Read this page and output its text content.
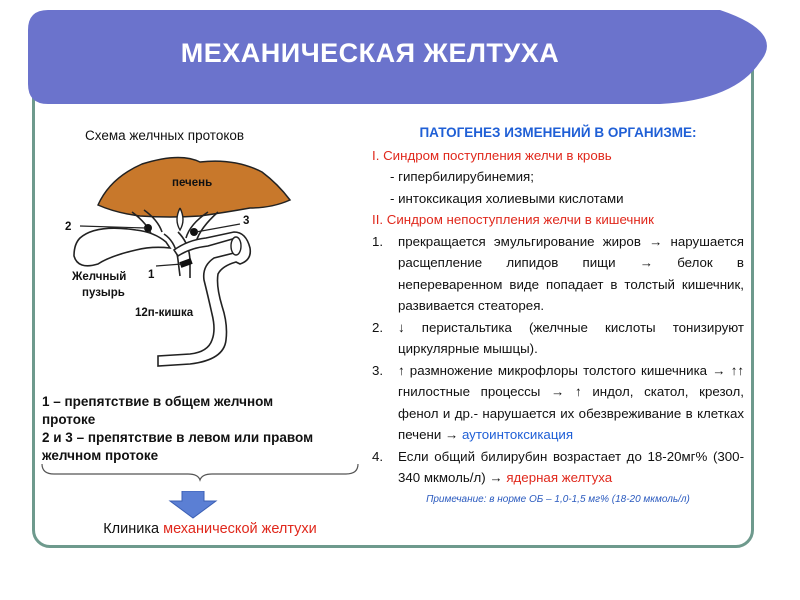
МЕХАНИЧЕСКАЯ ЖЕЛТУХА
Схема желчных протоков
печень
2	3
1
Желчный
пузырь
12п-кишка
1 – препятствие в общем желчном
протоке
2 и 3 – препятствие в левом или правом
желчном протоке
Клиника механической желтухи
ПАТОГЕНЕЗ ИЗМЕНЕНИЙ В ОРГАНИЗМЕ:
I. Синдром поступления желчи в кровь
- гипербилирубинемия;
- интоксикация холиевыми кислотами
II. Синдром непоступления желчи в кишечник
1.	прекращается эмульгирование жиров → нарушается расщепление липидов пищи → белок в непереваренном виде попадает в толстый кишечник, развивается стеаторея.
2.	↓ перистальтика (желчные кислоты тонизируют циркулярные мышцы).
3.	↑ размножение микрофлоры толстого кишечника → ↑↑ гнилостные процессы → ↑ индол, скатол, крезол, фенол и др.- нарушается их обезвреживание в клетках печени → аутоинтоксикация
4.	Если общий билирубин возрастает до 18-20мг% (300-340 мкмоль/л) → ядерная желтуха
Примечание: в норме ОБ – 1,0-1,5 мг% (18-20 мкмоль/л)
